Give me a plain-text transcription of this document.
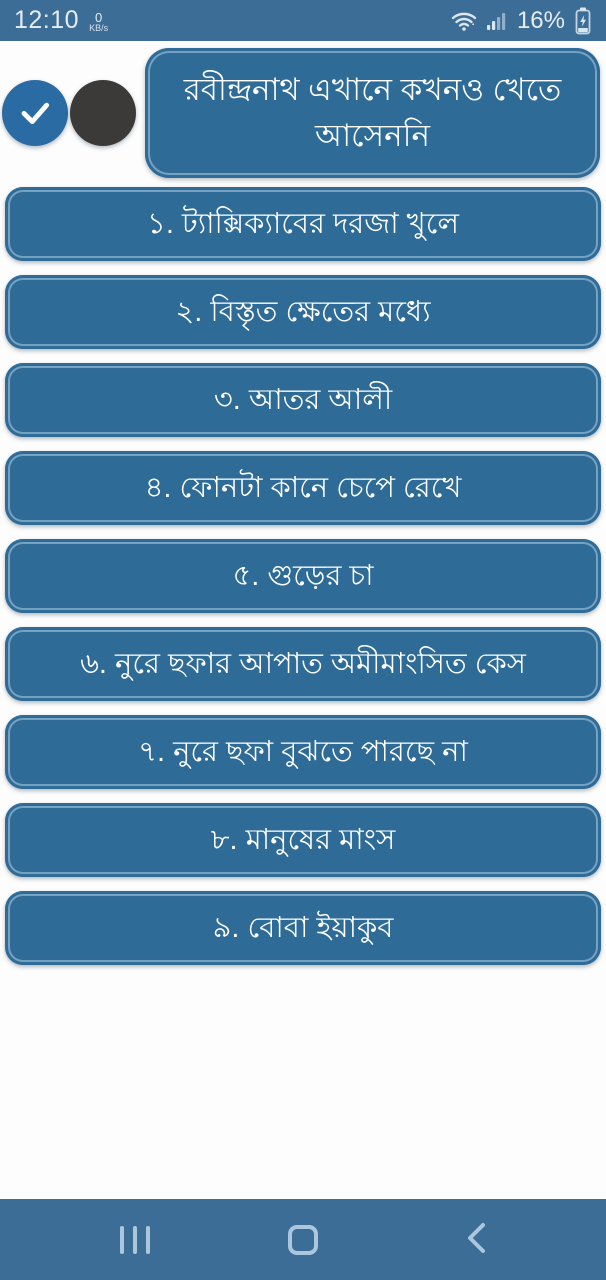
12:10 0
KB/s	16%
রবীন্দ্রনাথ এখানে কখনও খেতে আসেননি
১. ট্যাক্সিক্যাবের দরজা খুলে
২. বিস্তৃত ক্ষেতের মধ্যে
৩. আতর আলী
৪. ফোনটা কানে চেপে রেখে
৫. গুড়ের চা
৬. নুরে ছফার আপাত অমীমাংসিত কেস
৭. নুরে ছফা বুঝতে পারছে না
৮. মানুষের মাংস
৯. বোবা ইয়াকুব
